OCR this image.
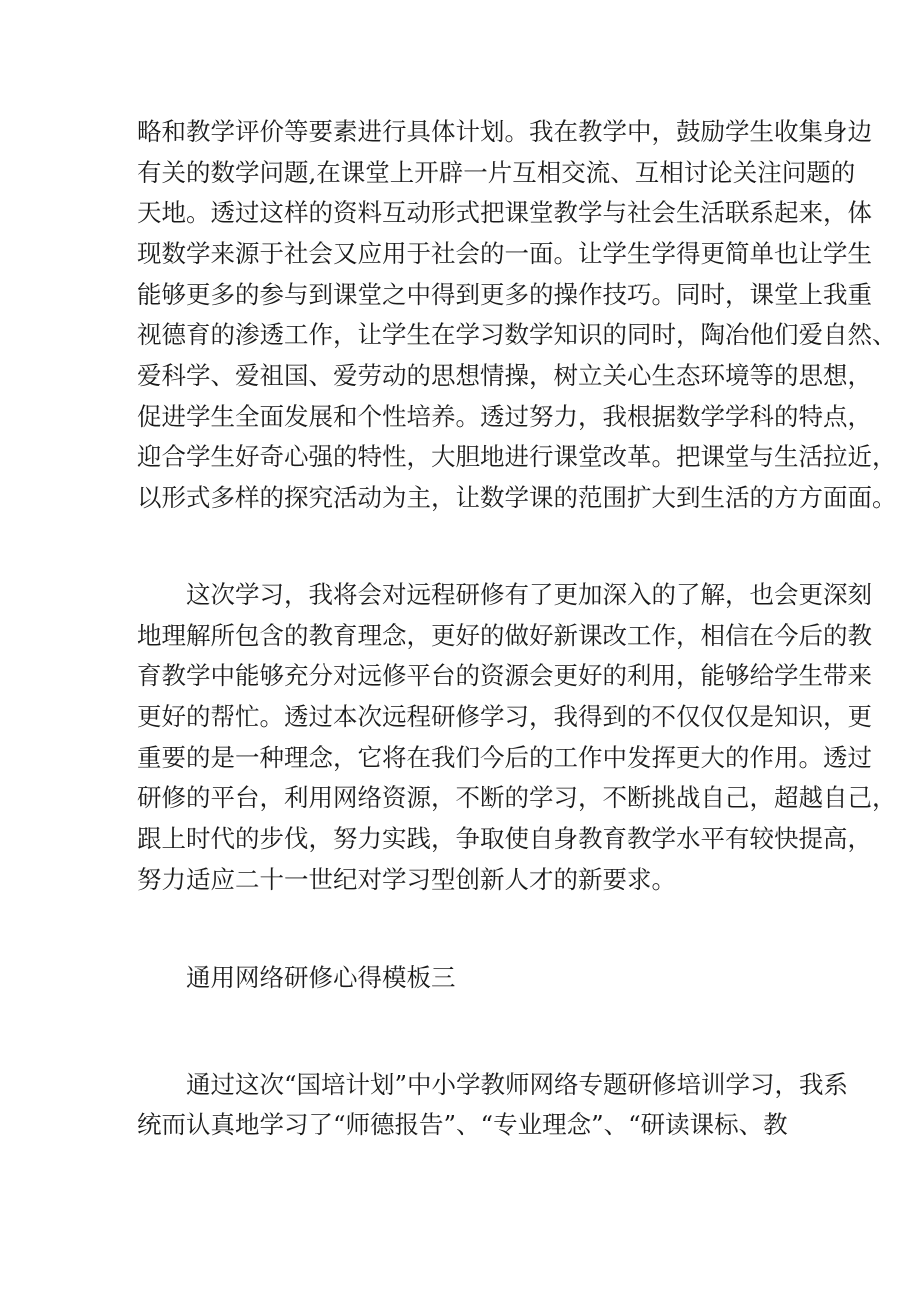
略和教学评价等要素进行具体计划。我在教学中，鼓励学生收集身边
有关的数学问题,在课堂上开辟一片互相交流、互相讨论关注问题的
天地。透过这样的资料互动形式把课堂教学与社会生活联系起来，体
现数学来源于社会又应用于社会的一面。让学生学得更简单也让学生
能够更多的参与到课堂之中得到更多的操作技巧。同时，课堂上我重
视德育的渗透工作，让学生在学习数学知识的同时，陶冶他们爱自然、
爱科学、爱祖国、爱劳动的思想情操，树立关心生态环境等的思想，
促进学生全面发展和个性培养。透过努力，我根据数学学科的特点，
迎合学生好奇心强的特性，大胆地进行课堂改革。把课堂与生活拉近，
以形式多样的探究活动为主，让数学课的范围扩大到生活的方方面面。
这次学习，我将会对远程研修有了更加深入的了解，也会更深刻
地理解所包含的教育理念，更好的做好新课改工作，相信在今后的教
育教学中能够充分对远修平台的资源会更好的利用，能够给学生带来
更好的帮忙。透过本次远程研修学习，我得到的不仅仅仅是知识，更
重要的是一种理念，它将在我们今后的工作中发挥更大的作用。透过
研修的平台，利用网络资源，不断的学习，不断挑战自己，超越自己，
跟上时代的步伐，努力实践，争取使自身教育教学水平有较快提高，
努力适应二十一世纪对学习型创新人才的新要求。
通用网络研修心得模板三
通过这次“国培计划”中小学教师网络专题研修培训学习，我系
统而认真地学习了“师德报告”、“专业理念”、“研读课标、教
